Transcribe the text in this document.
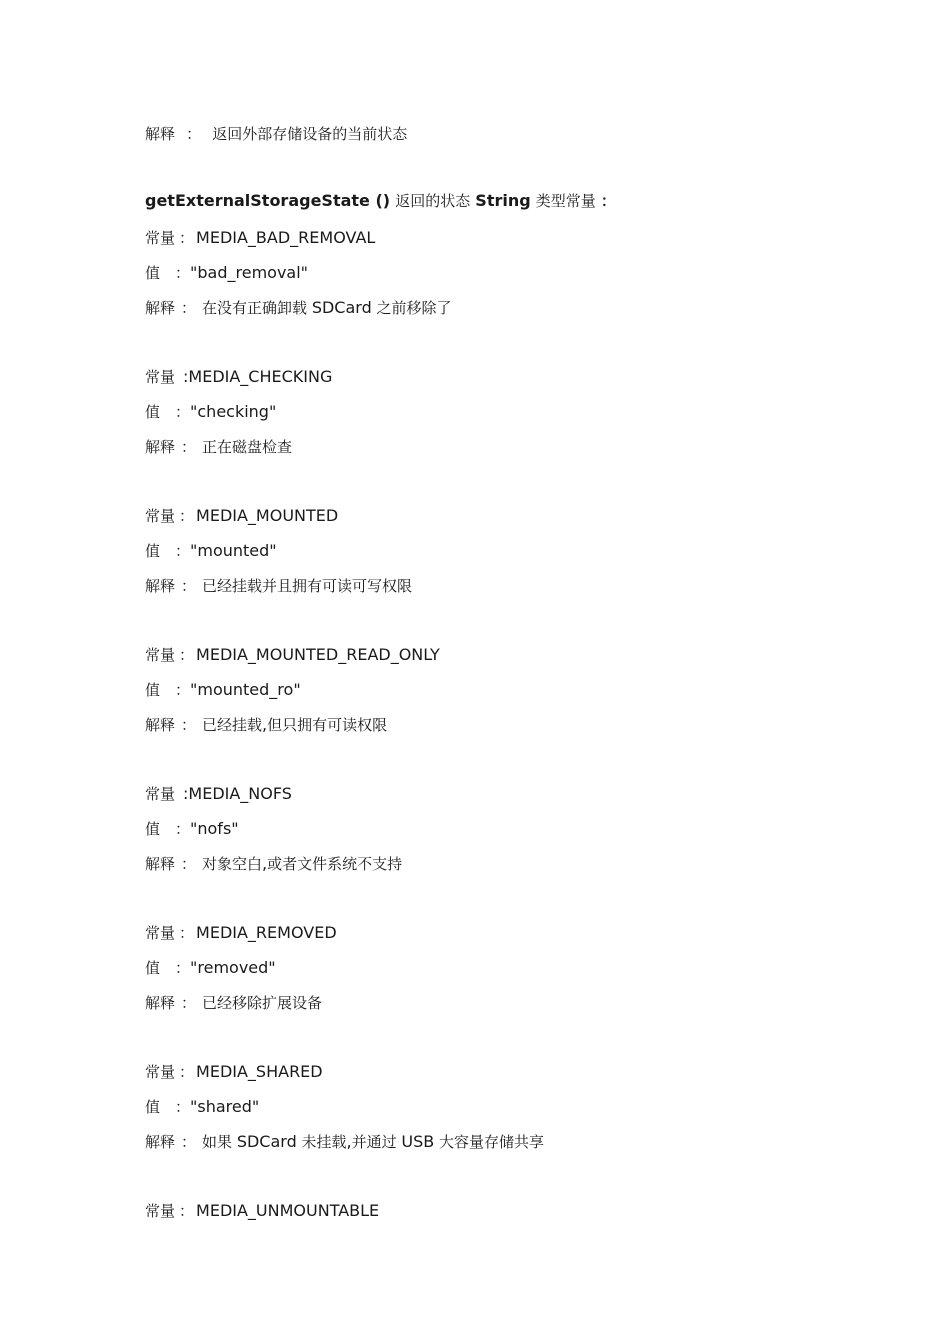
解释 ： 返回外部存储设备的当前状态
getExternalStorageState () 返回的状态 String 类型常量 ：
常量 ： MEDIA_BAD_REMOVAL
值 ："bad_removal"
解释 ： 在没有正确卸载 SDCard 之前移除了
常量 :MEDIA_CHECKING
值 ："checking"
解释 ： 正在磁盘检查
常量 ： MEDIA_MOUNTED
值 ："mounted"
解释 ： 已经挂载并且拥有可读可写权限
常量 ： MEDIA_MOUNTED_READ_ONLY
值 ："mounted_ro"
解释 ： 已经挂载,但只拥有可读权限
常量 :MEDIA_NOFS
值 ："nofs"
解释 ： 对象空白,或者文件系统不支持
常量 ： MEDIA_REMOVED
值 ："removed"
解释 ： 已经移除扩展设备
常量 ： MEDIA_SHARED
值 ："shared"
解释 ： 如果 SDCard 未挂载,并通过 USB 大容量存储共享
常量 ： MEDIA_UNMOUNTABLE
